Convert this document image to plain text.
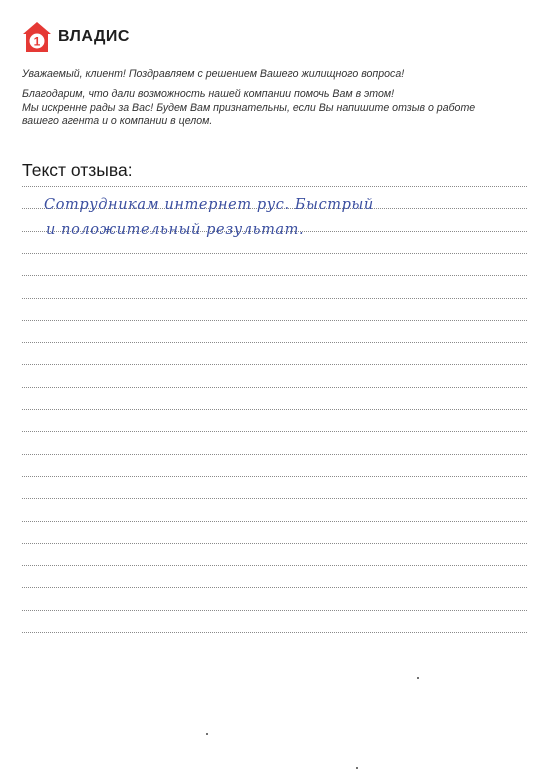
1 ВЛАДИС

Уважаемый, клиент! Поздравляем с решением Вашего жилищного вопроса!

Благодарим, что дали возможность нашей компании помочь Вам в этом!

Мы искренне рады за Вас! Будем Вам признательны, если Вы напишите отзыв о работе

вашего агента и о компании в целом.

Текст отзыва:
Сотрудникам интернет рус. Быстрый
и положительный результат.
